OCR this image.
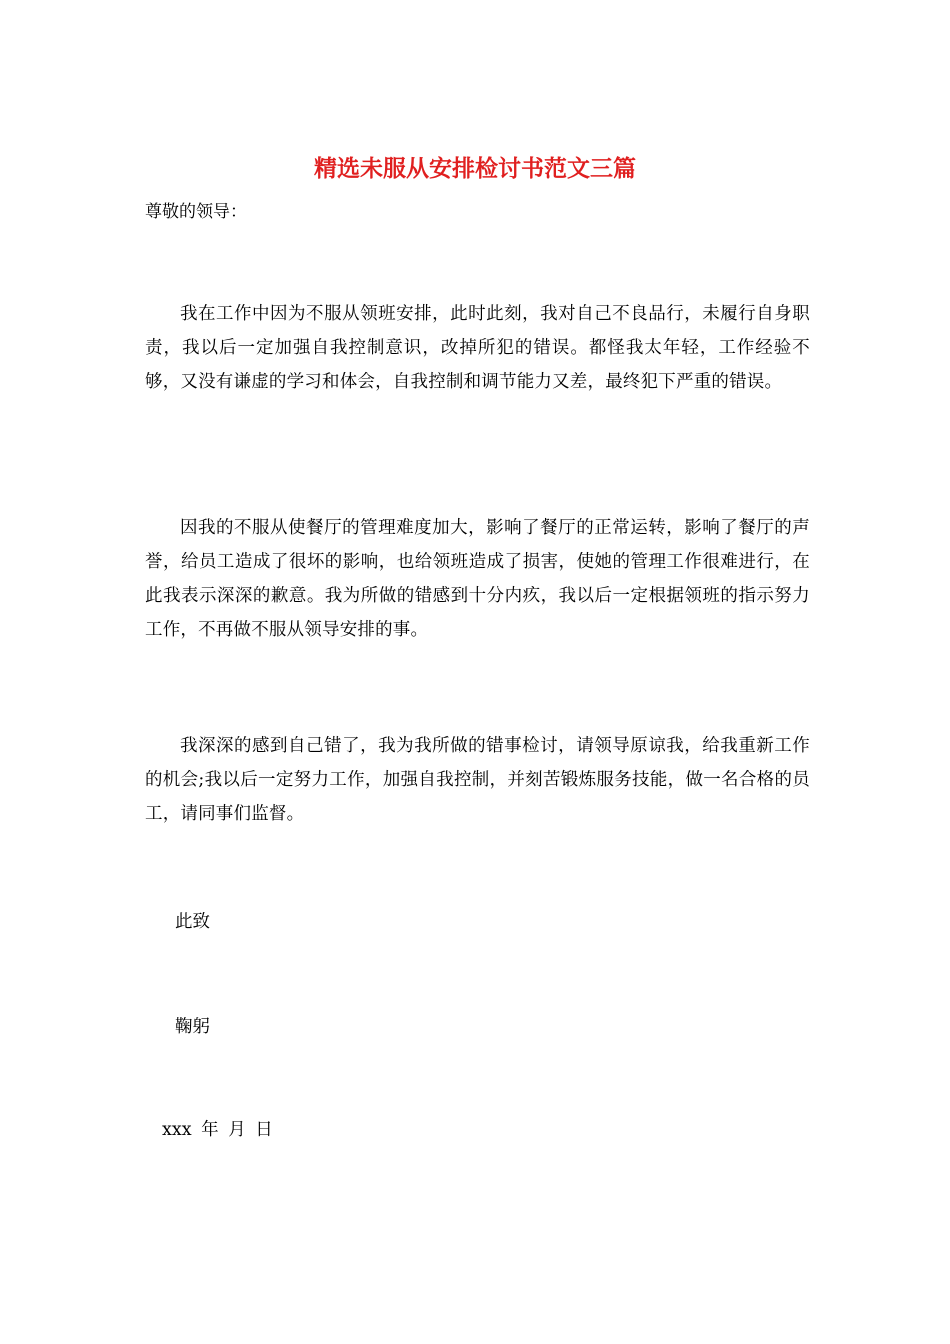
精选未服从安排检讨书范文三篇
尊敬的领导：
我在工作中因为不服从领班安排，此时此刻，我对自己不良品行，未履行自身职责，我以后一定加强自我控制意识，改掉所犯的错误。都怪我太年轻，工作经验不够，又没有谦虚的学习和体会，自我控制和调节能力又差，最终犯下严重的错误。
因我的不服从使餐厅的管理难度加大，影响了餐厅的正常运转，影响了餐厅的声誉，给员工造成了很坏的影响，也给领班造成了损害，使她的管理工作很难进行，在此我表示深深的歉意。我为所做的错感到十分内疚，我以后一定根据领班的指示努力工作，不再做不服从领导安排的事。
我深深的感到自己错了，我为我所做的错事检讨，请领导原谅我，给我重新工作的机会;我以后一定努力工作，加强自我控制，并刻苦锻炼服务技能，做一名合格的员工，请同事们监督。
此致
鞠躬
xxx 年 月 日
